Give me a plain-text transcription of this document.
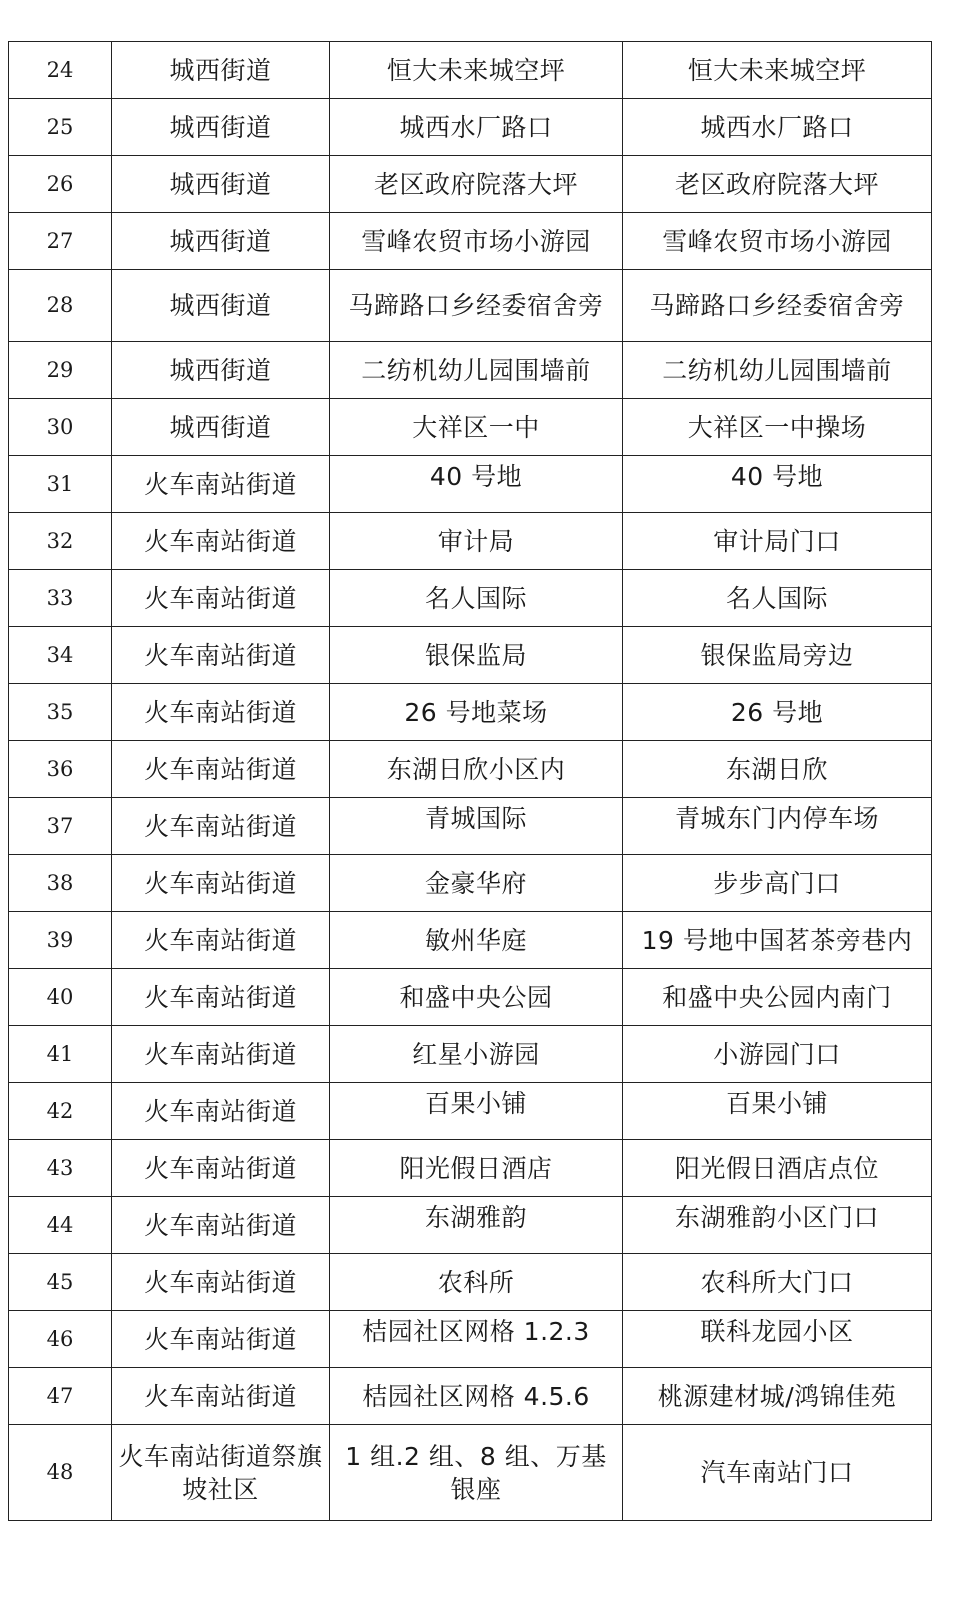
24	城西街道	恒大未来城空坪	恒大未来城空坪
25	城西街道	城西水厂路口	城西水厂路口
26	城西街道	老区政府院落大坪	老区政府院落大坪
27	城西街道	雪峰农贸市场小游园	雪峰农贸市场小游园
28	城西街道	马蹄路口乡经委宿舍旁	马蹄路口乡经委宿舍旁
29	城西街道	二纺机幼儿园围墙前	二纺机幼儿园围墙前
30	城西街道	大祥区一中	大祥区一中操场
31	火车南站街道	40 号地	40 号地
32	火车南站街道	审计局	审计局门口
33	火车南站街道	名人国际	名人国际
34	火车南站街道	银保监局	银保监局旁边
35	火车南站街道	26 号地菜场	26 号地
36	火车南站街道	东湖日欣小区内	东湖日欣
37	火车南站街道	青城国际	青城东门内停车场
38	火车南站街道	金豪华府	步步高门口
39	火车南站街道	敏州华庭	19 号地中国茗茶旁巷内
40	火车南站街道	和盛中央公园	和盛中央公园内南门
41	火车南站街道	红星小游园	小游园门口
42	火车南站街道	百果小铺	百果小铺
43	火车南站街道	阳光假日酒店	阳光假日酒店点位
44	火车南站街道	东湖雅韵	东湖雅韵小区门口
45	火车南站街道	农科所	农科所大门口
46	火车南站街道	桔园社区网格 1.2.3	联科龙园小区
47	火车南站街道	桔园社区网格 4.5.6	桃源建材城/鸿锦佳苑
48	火车南站街道祭旗坡社区	1 组.2 组、8 组、万基银座	汽车南站门口
